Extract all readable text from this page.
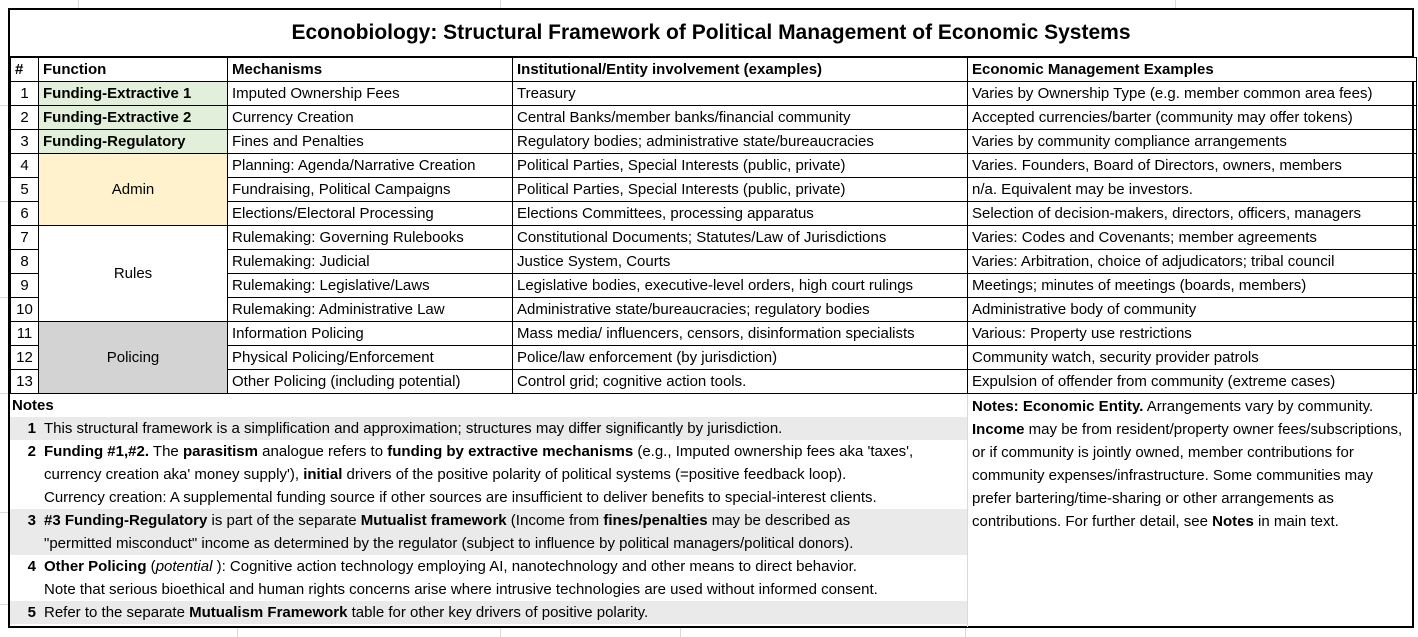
Econobiology: Structural Framework of Political Management of Economic Systems
#	Function	Mechanisms	Institutional/Entity involvement (examples)	Economic Management Examples
1	Funding-Extractive 1	Imputed Ownership Fees	Treasury	Varies by Ownership Type (e.g. member common area fees)
2	Funding-Extractive 2	Currency Creation	Central Banks/member banks/financial community	Accepted currencies/barter (community may offer tokens)
3	Funding-Regulatory	Fines and Penalties	Regulatory bodies; administrative state/bureaucracies	Varies by community compliance arrangements
4	Admin	Planning: Agenda/Narrative Creation	Political Parties, Special Interests (public, private)	Varies. Founders, Board of Directors, owners, members
5		Fundraising, Political Campaigns	Political Parties, Special Interests (public, private)	n/a. Equivalent may be investors.
6		Elections/Electoral Processing	Elections Committees, processing apparatus	Selection of decision-makers, directors, officers, managers
7	Rules	Rulemaking: Governing Rulebooks	Constitutional Documents; Statutes/Law of Jurisdictions	Varies: Codes and Covenants; member agreements
8		Rulemaking: Judicial	Justice System, Courts	Varies: Arbitration, choice of adjudicators; tribal council
9		Rulemaking: Legislative/Laws	Legislative bodies, executive-level orders, high court rulings	Meetings; minutes of meetings (boards, members)
10		Rulemaking: Administrative Law	Administrative state/bureaucracies; regulatory bodies	Administrative body of community
11	Policing	Information Policing	Mass media/ influencers, censors, disinformation specialists	Various: Property use restrictions
12		Physical Policing/Enforcement	Police/law enforcement (by jurisdiction)	Community watch, security provider patrols
13		Other Policing (including potential)	Control grid; cognitive action tools.	Expulsion of offender from community (extreme cases)
Notes
1 This structural framework is a simplification and approximation; structures may differ significantly by jurisdiction.
2 Funding #1,#2. The parasitism analogue refers to funding by extractive mechanisms (e.g., Imputed ownership fees aka 'taxes',
currency creation aka' money supply'), initial drivers of the positive polarity of political systems (=positive feedback loop).
Currency creation: A supplemental funding source if other sources are insufficient to deliver benefits to special-interest clients.
3 #3 Funding-Regulatory is part of the separate Mutualist framework (Income from fines/penalties may be described as
"permitted misconduct" income as determined by the regulator (subject to influence by political managers/political donors).
4 Other Policing (potential ): Cognitive action technology employing AI, nanotechnology and other means to direct behavior.
Note that serious bioethical and human rights concerns arise where intrusive technologies are used without informed consent.
5 Refer to the separate Mutualism Framework table for other key drivers of positive polarity.
Notes: Economic Entity. Arrangements vary by community. Income may be from resident/property owner fees/subscriptions, or if community is jointly owned, member contributions for community expenses/infrastructure. Some communities may prefer bartering/time-sharing or other arrangements as contributions. For further detail, see Notes in main text.
